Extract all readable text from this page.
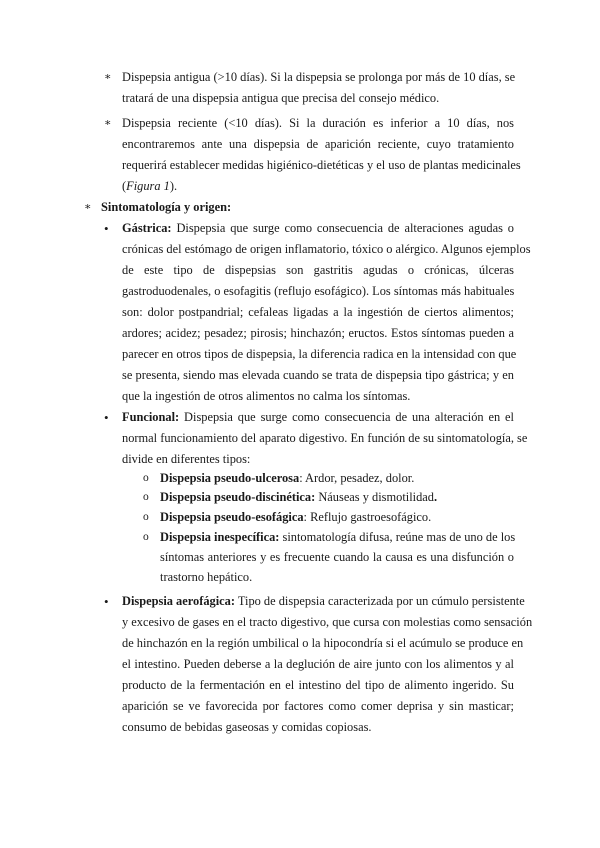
∗ Dispepsia antigua (>10 días). Si la dispepsia se prolonga por más de 10 días, se
tratará de una dispepsia antigua que precisa del consejo médico.
∗ Dispepsia reciente (<10 días). Si la duración es inferior a 10 días, nos
encontraremos ante una dispepsia de aparición reciente, cuyo tratamiento
requerirá establecer medidas higiénico-dietéticas y el uso de plantas medicinales
(Figura 1).
∗ Sintomatología y origen:
• Gástrica: Dispepsia que surge como consecuencia de alteraciones agudas o
crónicas del estómago de origen inflamatorio, tóxico o alérgico. Algunos ejemplos
de este tipo de dispepsias son gastritis agudas o crónicas, úlceras
gastroduodenales, o esofagitis (reflujo esofágico). Los síntomas más habituales
son: dolor postpandrial; cefaleas ligadas a la ingestión de ciertos alimentos;
ardores; acidez; pesadez; pirosis; hinchazón; eructos. Estos síntomas pueden a
parecer en otros tipos de dispepsia, la diferencia radica en la intensidad con que
se presenta, siendo mas elevada cuando se trata de dispepsia tipo gástrica; y en
que la ingestión de otros alimentos no calma los síntomas.
• Funcional: Dispepsia que surge como consecuencia de una alteración en el
normal funcionamiento del aparato digestivo. En función de su sintomatología, se
divide en diferentes tipos:
o Dispepsia pseudo-ulcerosa: Ardor, pesadez, dolor.
o Dispepsia pseudo-discinética: Náuseas y dismotilidad.
o Dispepsia pseudo-esofágica: Reflujo gastroesofágico.
o Dispepsia inespecífica: sintomatología difusa, reúne mas de uno de los
síntomas anteriores y es frecuente cuando la causa es una disfunción o
trastorno hepático.
• Dispepsia aerofágica: Tipo de dispepsia caracterizada por un cúmulo persistente
y excesivo de gases en el tracto digestivo, que cursa con molestias como sensación
de hinchazón en la región umbilical o la hipocondría si el acúmulo se produce en
el intestino. Pueden deberse a la deglución de aire junto con los alimentos y al
producto de la fermentación en el intestino del tipo de alimento ingerido. Su
aparición se ve favorecida por factores como comer deprisa y sin masticar;
consumo de bebidas gaseosas y comidas copiosas.
